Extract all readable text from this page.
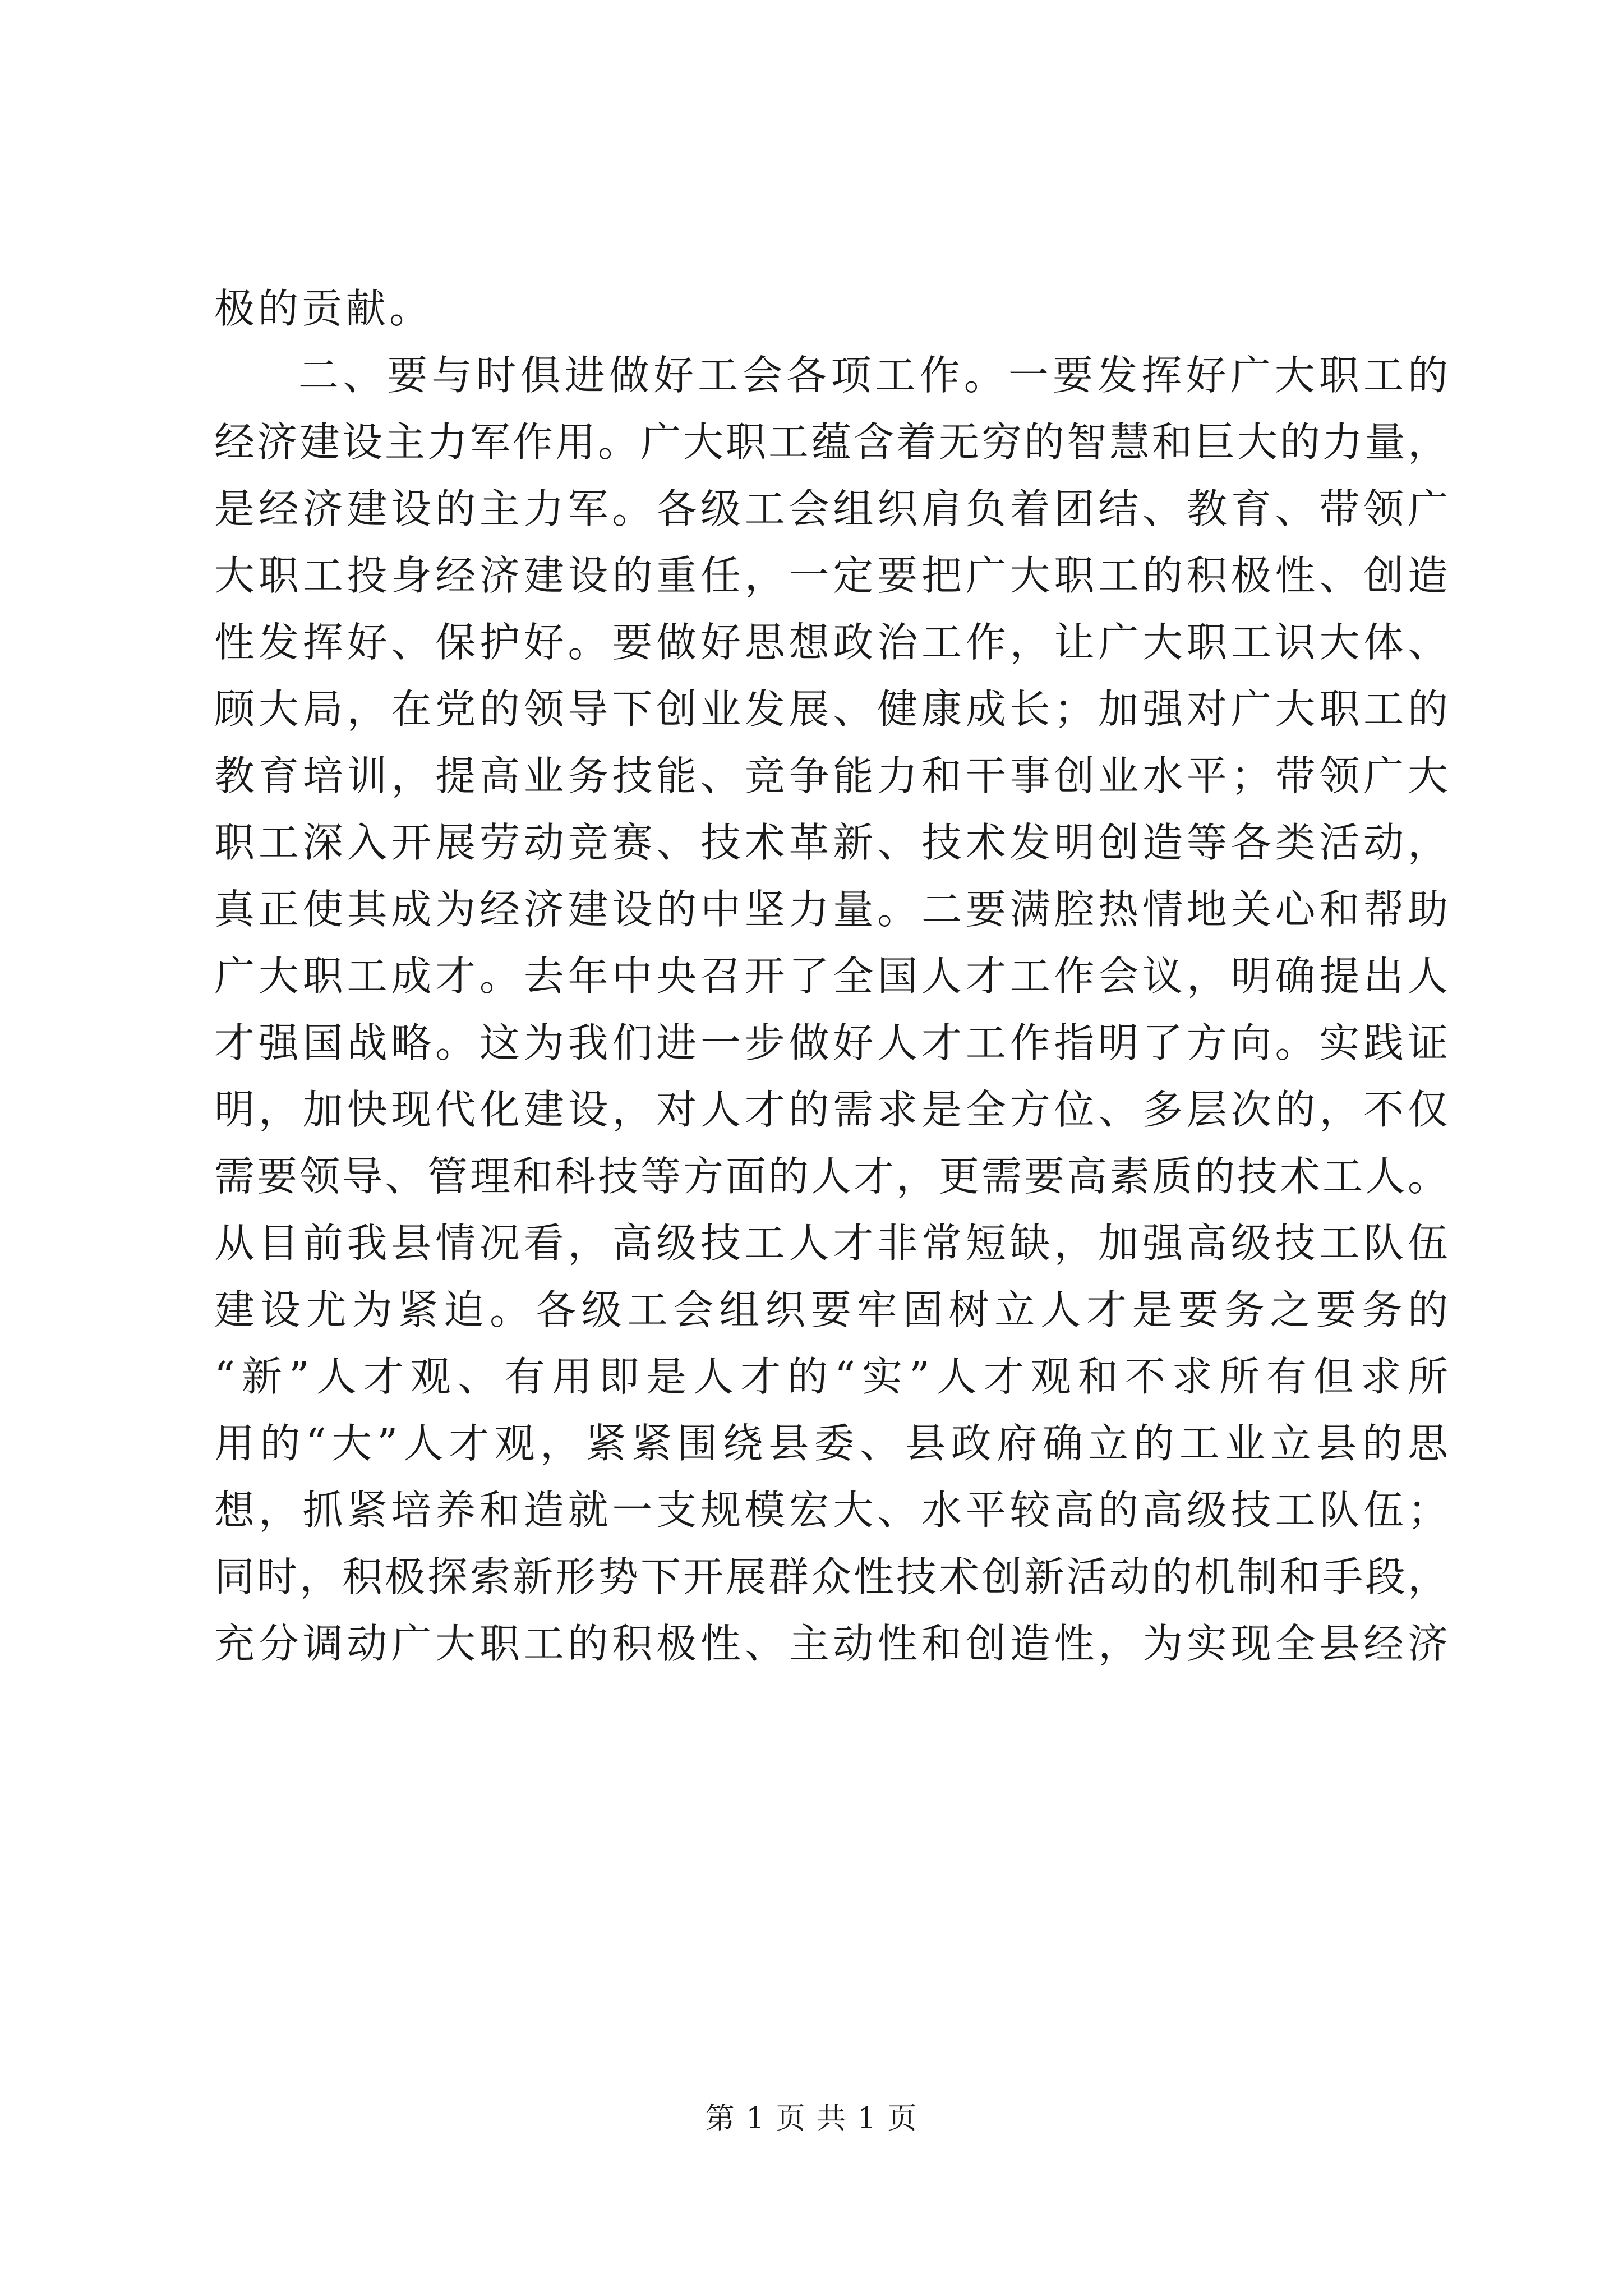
极的贡献。
二、要与时俱进做好工会各项工作。一要发挥好广大职工的
经济建设主力军作用。广大职工蕴含着无穷的智慧和巨大的力量，
是经济建设的主力军。各级工会组织肩负着团结、教育、带领广
大职工投身经济建设的重任，一定要把广大职工的积极性、创造
性发挥好、保护好。要做好思想政治工作，让广大职工识大体、
顾大局，在党的领导下创业发展、健康成长；加强对广大职工的
教育培训，提高业务技能、竞争能力和干事创业水平；带领广大
职工深入开展劳动竞赛、技术革新、技术发明创造等各类活动，
真正使其成为经济建设的中坚力量。二要满腔热情地关心和帮助
广大职工成才。去年中央召开了全国人才工作会议，明确提出人
才强国战略。这为我们进一步做好人才工作指明了方向。实践证
明，加快现代化建设，对人才的需求是全方位、多层次的，不仅
需要领导、管理和科技等方面的人才，更需要高素质的技术工人。
从目前我县情况看，高级技工人才非常短缺，加强高级技工队伍
建设尤为紧迫。各级工会组织要牢固树立人才是要务之要务的
“新”人才观、有用即是人才的“实”人才观和不求所有但求所
用的“大”人才观，紧紧围绕县委、县政府确立的工业立县的思
想，抓紧培养和造就一支规模宏大、水平较高的高级技工队伍；
同时，积极探索新形势下开展群众性技术创新活动的机制和手段，
充分调动广大职工的积极性、主动性和创造性，为实现全县经济
第 1 页 共 1 页
